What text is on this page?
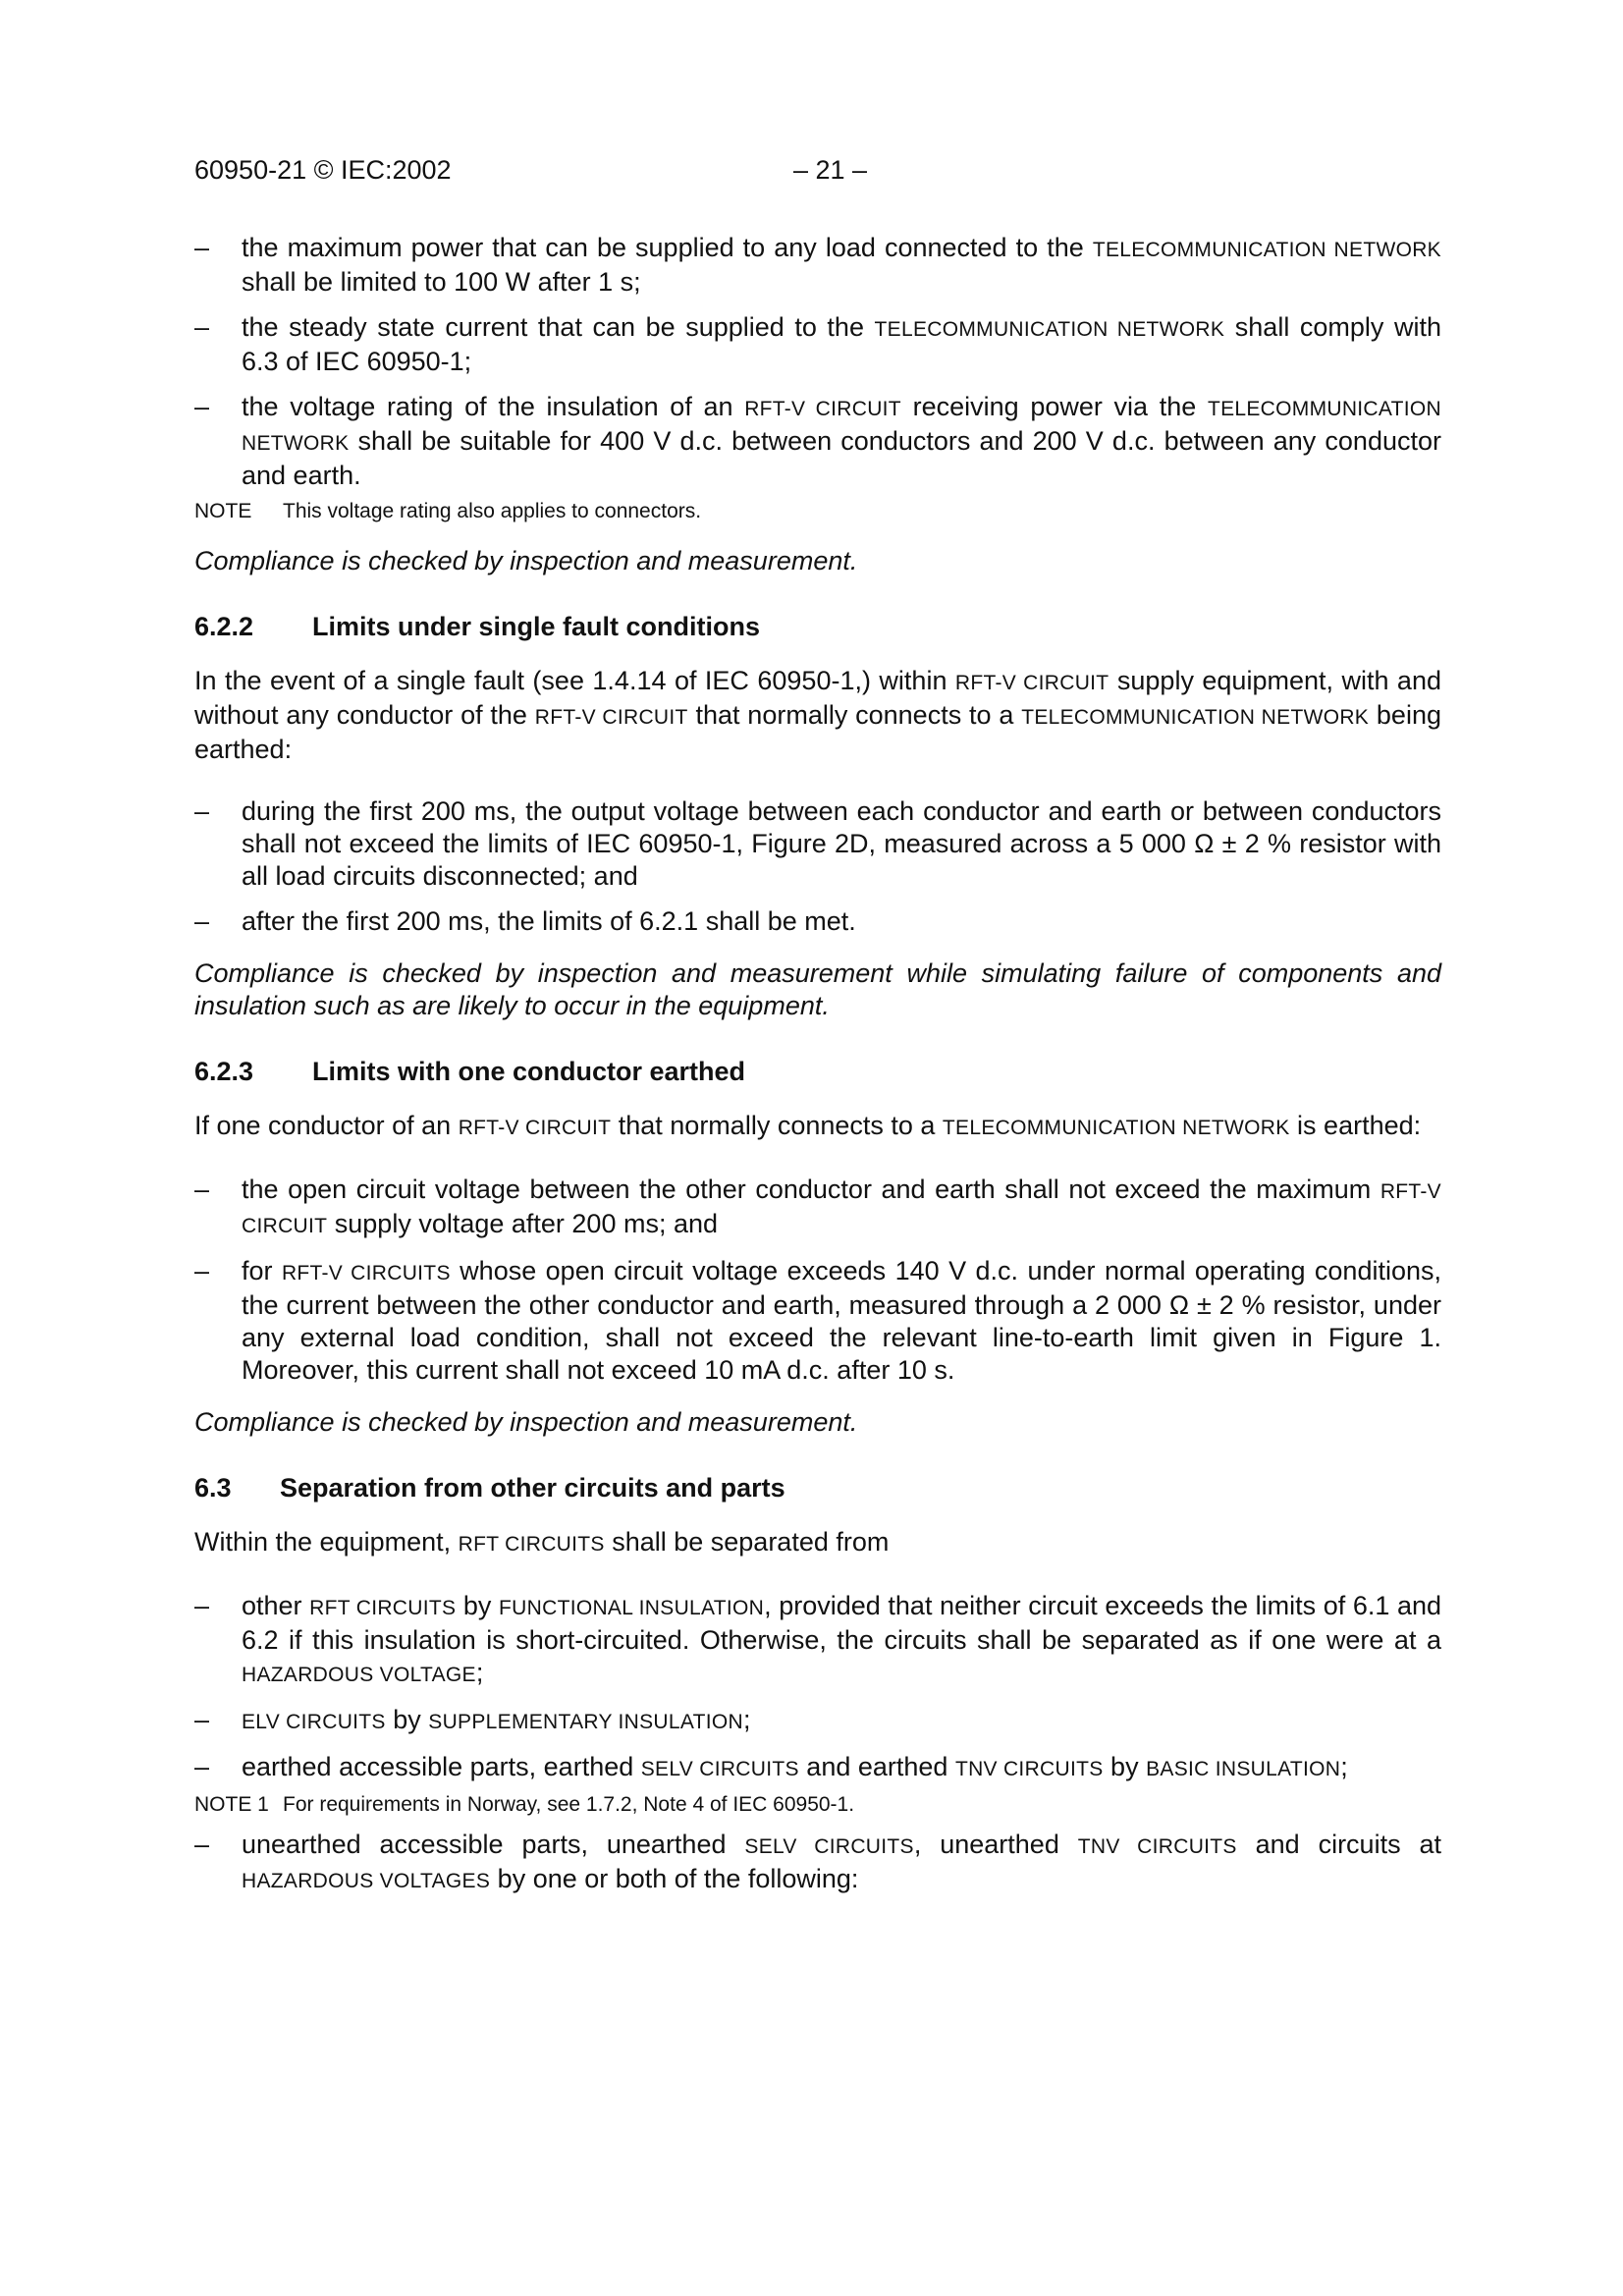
60950-21 © IEC:2002	– 21 –
– the maximum power that can be supplied to any load connected to the TELECOMMUNICATION NETWORK shall be limited to 100 W after 1 s;
– the steady state current that can be supplied to the TELECOMMUNICATION NETWORK shall comply with 6.3 of IEC 60950-1;
– the voltage rating of the insulation of an RFT-V CIRCUIT receiving power via the TELECOMMUNICATION NETWORK shall be suitable for 400 V d.c. between conductors and 200 V d.c. between any conductor and earth.
NOTE This voltage rating also applies to connectors.

Compliance is checked by inspection and measurement.

6.2.2 Limits under single fault conditions

In the event of a single fault (see 1.4.14 of IEC 60950-1,) within RFT-V CIRCUIT supply equipment, with and without any conductor of the RFT-V CIRCUIT that normally connects to a TELECOMMUNICATION NETWORK being earthed:

– during the first 200 ms, the output voltage between each conductor and earth or between conductors shall not exceed the limits of IEC 60950-1, Figure 2D, measured across a 5 000 Ω ± 2 % resistor with all load circuits disconnected; and
– after the first 200 ms, the limits of 6.2.1 shall be met.

Compliance is checked by inspection and measurement while simulating failure of components and insulation such as are likely to occur in the equipment.

6.2.3 Limits with one conductor earthed

If one conductor of an RFT-V CIRCUIT that normally connects to a TELECOMMUNICATION NETWORK is earthed:

– the open circuit voltage between the other conductor and earth shall not exceed the maximum RFT-V CIRCUIT supply voltage after 200 ms; and
– for RFT-V CIRCUITS whose open circuit voltage exceeds 140 V d.c. under normal operating conditions, the current between the other conductor and earth, measured through a 2 000 Ω ± 2 % resistor, under any external load condition, shall not exceed the relevant line-to-earth limit given in Figure 1. Moreover, this current shall not exceed 10 mA d.c. after 10 s.

Compliance is checked by inspection and measurement.

6.3 Separation from other circuits and parts

Within the equipment, RFT CIRCUITS shall be separated from

– other RFT CIRCUITS by FUNCTIONAL INSULATION, provided that neither circuit exceeds the limits of 6.1 and 6.2 if this insulation is short-circuited. Otherwise, the circuits shall be separated as if one were at a HAZARDOUS VOLTAGE;
– ELV CIRCUITS by SUPPLEMENTARY INSULATION;
– earthed accessible parts, earthed SELV CIRCUITS and earthed TNV CIRCUITS by BASIC INSULATION;
NOTE 1 For requirements in Norway, see 1.7.2, Note 4 of IEC 60950-1.
– unearthed accessible parts, unearthed SELV CIRCUITS, unearthed TNV CIRCUITS and circuits at HAZARDOUS VOLTAGES by one or both of the following:
